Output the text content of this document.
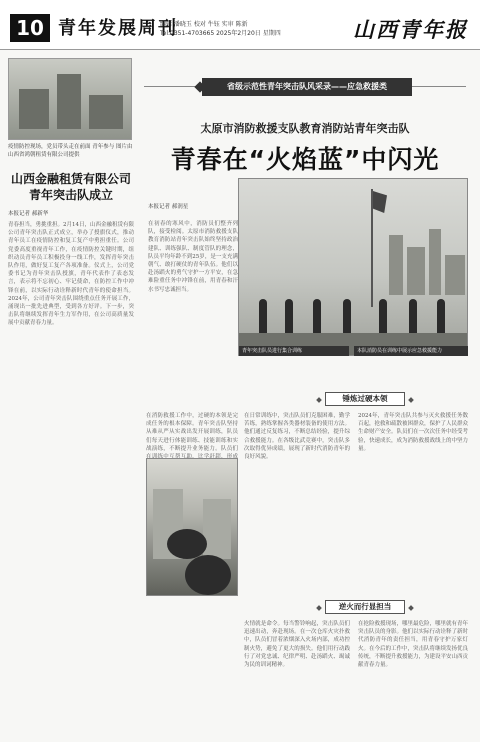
10 青年发展周刊
编辑 潘晓玉 校对 牛钰 实审 陈新
Tel:0351-4703665 2025年2月20日 星期四	山西青年报
疫情防控现场，党员带头走在前面 青年参与 图片由山西省鸿朝租赁有限公司提供
山西金融租赁有限公司
青年突击队成立
本报记者 郝新华
青春担当，勇挑重担。2月14日，山西金融租赁有限公司青年突击队正式成立，举办了授旗仪式，推动青年员工在疫情防控和复工复产中勇担重任。公司党委高度重视青年工作，在疫情防控关键时期，组织动员青年员工积极投身一线工作，发挥青年突击队作用，做好复工复产各项准备。仪式上，公司党委书记为青年突击队授旗，青年代表作了表态发言，表示将不忘初心、牢记使命，在防控工作中冲锋在前，以实际行动诠释新时代青年的使命担当。2024年，公司青年突击队围绕重点任务开展工作，涌现出一批先进典型，受到各方好评。下一步，突击队将继续发挥青年生力军作用，在公司高质量发展中贡献青春力量。
省级示范性青年突击队风采录——应急救援类
太原市消防救援支队教育消防站青年突击队
青春在“火焰蓝”中闪光
本报记者 郝润星
在初春的寒风中，消防员们整齐列队，接受检阅。太原市消防救援支队教育消防站青年突击队始终坚持政治建队、训练强队、制度管队的理念，队员平均年龄不到25岁，是一支充满朝气、敢打硬仗的青年队伍。他们以赴汤蹈火的勇气守护一方平安，在急难险重任务中冲锋在前，用青春和汗水书写忠诚担当。
青年突击队员进行集合训练	本队消防员在训练中展示应急救援能力
锤炼过硬本领
在消防救援工作中，过硬的本领是完成任务的根本保障。青年突击队坚持从难从严从实战出发开展训练，队员们每天进行体能训练、技能训练和实战演练，不断提升业务能力。队员们
在日常训练中，突击队员们克服困难，勤学苦练，熟练掌握各类器材装备的使用方法。他们通过反复练习，不断总结经验，提升综合救援能力。在各级比武竞赛中，突击队多次取得优异成绩，展现了新时代消防青年的良好风貌。
2024年，青年突击队共参与灭火救援任务数百起，抢救和疏散被困群众，保护了人民群众生命财产安全。队员们在一次次任务中经受考验，快速成长，成为消防救援战线上的中坚力量。
逆火而行显担当
火情就是命令。每当警铃响起，突击队员们迅速出动，奔赴现场。在一次仓库火灾扑救中，队员们冒着浓烟深入火场内部，成功控制火势，避免了更大的损失。他们用行动践行了对党忠诚、纪律严明、赴汤蹈火、竭诚为民的训词精神。
在抢险救援现场，哪里最危险，哪里就有青年突击队员的身影。他们以实际行动诠释了新时代消防青年的责任担当，用青春守护万家灯火。在今后的工作中，突击队将继续发扬优良传统，不断提升救援能力，为建设平安山西贡献青春力量。
